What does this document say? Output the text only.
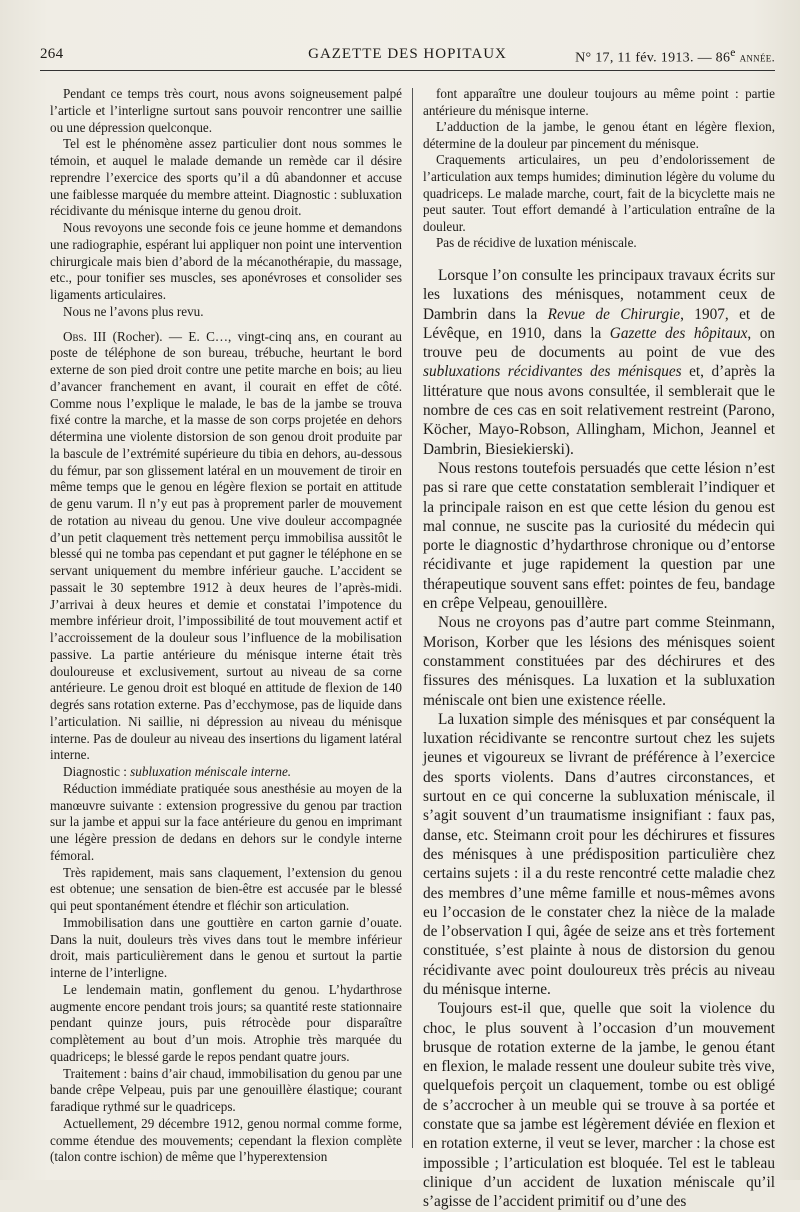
264	GAZETTE DES HOPITAUX	N° 17, 11 fév. 1913. — 86e année.

Pendant ce temps très court, nous avons soigneusement palpé l’article et l’interligne surtout sans pouvoir rencontrer une saillie ou une dépression quelconque.

Tel est le phénomène assez particulier dont nous sommes le témoin, et auquel le malade demande un remède car il désire reprendre l’exercice des sports qu’il a dû abandonner et accuse une faiblesse marquée du membre atteint. Diagnostic : subluxation récidivante du ménisque interne du genou droit.

Nous revoyons une seconde fois ce jeune homme et demandons une radiographie, espérant lui appliquer non point une intervention chirurgicale mais bien d’abord de la mécanothérapie, du massage, etc., pour tonifier ses muscles, ses aponévroses et consolider ses ligaments articulaires.

Nous ne l’avons plus revu.

Obs. III (Rocher). — E. C…, vingt-cinq ans, en courant au poste de téléphone de son bureau, trébuche, heurtant le bord externe de son pied droit contre une petite marche en bois; au lieu d’avancer franchement en avant, il courait en effet de côté. Comme nous l’explique le malade, le bas de la jambe se trouva fixé contre la marche, et la masse de son corps projetée en dehors détermina une violente distorsion de son genou droit produite par la bascule de l’extrémité supérieure du tibia en dehors, au-dessous du fémur, par son glissement latéral en un mouvement de tiroir en même temps que le genou en légère flexion se portait en attitude de genu varum. Il n’y eut pas à proprement parler de mouvement de rotation au niveau du genou. Une vive douleur accompagnée d’un petit claquement très nettement perçu immobilisa aussitôt le blessé qui ne tomba pas cependant et put gagner le téléphone en se servant uniquement du membre inférieur gauche. L’accident se passait le 30 septembre 1912 à deux heures de l’après-midi. J’arrivai à deux heures et demie et constatai l’impotence du membre inférieur droit, l’impossibilité de tout mouvement actif et l’accroissement de la douleur sous l’influence de la mobilisation passive. La partie antérieure du ménisque interne était très douloureuse et exclusivement, surtout au niveau de sa corne antérieure. Le genou droit est bloqué en attitude de flexion de 140 degrés sans rotation externe. Pas d’ecchymose, pas de liquide dans l’articulation. Ni saillie, ni dépression au niveau du ménisque interne. Pas de douleur au niveau des insertions du ligament latéral interne.

Diagnostic : subluxation méniscale interne.

Réduction immédiate pratiquée sous anesthésie au moyen de la manœuvre suivante : extension progressive du genou par traction sur la jambe et appui sur la face antérieure du genou en imprimant une légère pression de dedans en dehors sur le condyle interne fémoral.

Très rapidement, mais sans claquement, l’extension du genou est obtenue; une sensation de bien-être est accusée par le blessé qui peut spontanément étendre et fléchir son articulation.

Immobilisation dans une gouttière en carton garnie d’ouate. Dans la nuit, douleurs très vives dans tout le membre inférieur droit, mais particulièrement dans le genou et surtout la partie interne de l’interligne.

Le lendemain matin, gonflement du genou. L’hydarthrose augmente encore pendant trois jours; sa quantité reste stationnaire pendant quinze jours, puis rétrocède pour disparaître complètement au bout d’un mois. Atrophie très marquée du quadriceps; le blessé garde le repos pendant quatre jours.

Traitement : bains d’air chaud, immobilisation du genou par une bande crêpe Velpeau, puis par une genouillère élastique; courant faradique rythmé sur le quadriceps.

Actuellement, 29 décembre 1912, genou normal comme forme, comme étendue des mouvements; cependant la flexion complète (talon contre ischion) de même que l’hyperextension

font apparaître une douleur toujours au même point : partie antérieure du ménisque interne.

L’adduction de la jambe, le genou étant en légère flexion, détermine de la douleur par pincement du ménisque.

Craquements articulaires, un peu d’endolorissement de l’articulation aux temps humides; diminution légère du volume du quadriceps. Le malade marche, court, fait de la bicyclette mais ne peut sauter. Tout effort demandé à l’articulation entraîne de la douleur.

Pas de récidive de luxation méniscale.

Lorsque l’on consulte les principaux travaux écrits sur les luxations des ménisques, notamment ceux de Dambrin dans la Revue de Chirurgie, 1907, et de Lévêque, en 1910, dans la Gazette des hôpitaux, on trouve peu de documents au point de vue des subluxations récidivantes des ménisques et, d’après la littérature que nous avons consultée, il semblerait que le nombre de ces cas en soit relativement restreint (Parono, Köcher, Mayo-Robson, Allingham, Michon, Jeannel et Dambrin, Biesiekierski).

Nous restons toutefois persuadés que cette lésion n’est pas si rare que cette constatation semblerait l’indiquer et la principale raison en est que cette lésion du genou est mal connue, ne suscite pas la curiosité du médecin qui porte le diagnostic d’hydarthrose chronique ou d’entorse récidivante et juge rapidement la question par une thérapeutique souvent sans effet: pointes de feu, bandage en crêpe Velpeau, genouillère.

Nous ne croyons pas d’autre part comme Steinmann, Morison, Korber que les lésions des ménisques soient constamment constituées par des déchirures et des fissures des ménisques. La luxation et la subluxation méniscale ont bien une existence réelle.

La luxation simple des ménisques et par conséquent la luxation récidivante se rencontre surtout chez les sujets jeunes et vigoureux se livrant de préférence à l’exercice des sports violents. Dans d’autres circonstances, et surtout en ce qui concerne la subluxation méniscale, il s’agit souvent d’un traumatisme insignifiant : faux pas, danse, etc. Steimann croit pour les déchirures et fissures des ménisques à une prédisposition particulière chez certains sujets : il a du reste rencontré cette maladie chez des membres d’une même famille et nous-mêmes avons eu l’occasion de le constater chez la nièce de la malade de l’observation I qui, âgée de seize ans et très fortement constituée, s’est plainte à nous de distorsion du genou récidivante avec point douloureux très précis au niveau du ménisque interne.

Toujours est-il que, quelle que soit la violence du choc, le plus souvent à l’occasion d’un mouvement brusque de rotation externe de la jambe, le genou étant en flexion, le malade ressent une douleur subite très vive, quelquefois perçoit un claquement, tombe ou est obligé de s’accrocher à un meuble qui se trouve à sa portée et constate que sa jambe est légèrement déviée en flexion et en rotation externe, il veut se lever, marcher : la chose est impossible ; l’articulation est bloquée. Tel est le tableau clinique d’un accident de luxation méniscale qu’il s’agisse de l’accident primitif ou d’une des
